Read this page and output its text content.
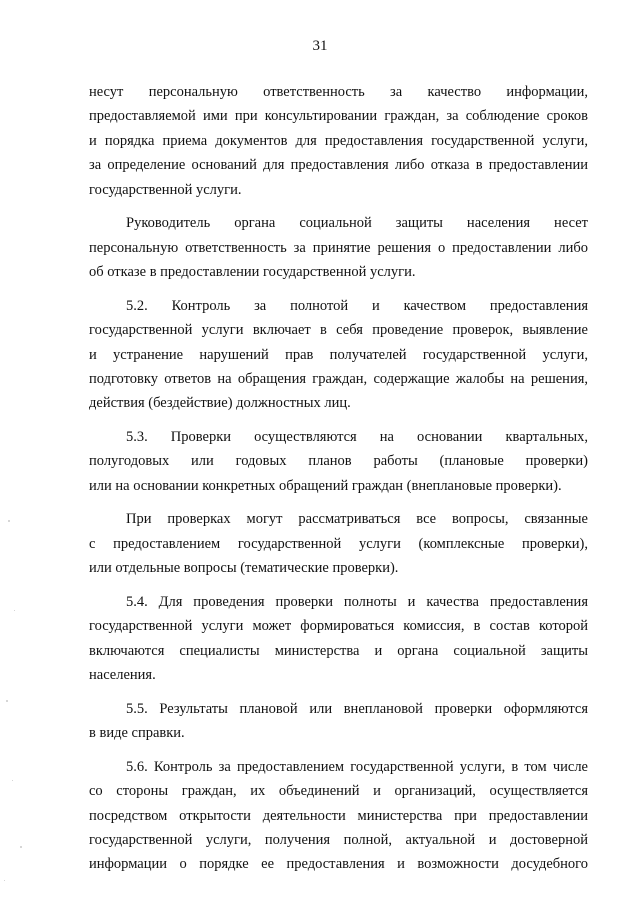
31

несут персональную ответственность за качество информации,
предоставляемой ими при консультировании граждан, за соблюдение сроков
и порядка приема документов для предоставления государственной услуги,
за определение оснований для предоставления либо отказа в предоставлении
государственной услуги.

Руководитель органа социальной защиты населения несет
персональную ответственность за принятие решения о предоставлении либо
об отказе в предоставлении государственной услуги.

5.2. Контроль за полнотой и качеством предоставления
государственной услуги включает в себя проведение проверок, выявление
и устранение нарушений прав получателей государственной услуги,
подготовку ответов на обращения граждан, содержащие жалобы на решения,
действия (бездействие) должностных лиц.

5.3. Проверки осуществляются на основании квартальных,
полугодовых или годовых планов работы (плановые проверки)
или на основании конкретных обращений граждан (внеплановые проверки).

При проверках могут рассматриваться все вопросы, связанные
с предоставлением государственной услуги (комплексные проверки),
или отдельные вопросы (тематические проверки).

5.4. Для проведения проверки полноты и качества предоставления
государственной услуги может формироваться комиссия, в состав которой
включаются специалисты министерства и органа социальной защиты
населения.

5.5. Результаты плановой или внеплановой проверки оформляются
в виде справки.

5.6. Контроль за предоставлением государственной услуги, в том числе
со стороны граждан, их объединений и организаций, осуществляется
посредством открытости деятельности министерства при предоставлении
государственной услуги, получения полной, актуальной и достоверной
информации о порядке ее предоставления и возможности досудебного
